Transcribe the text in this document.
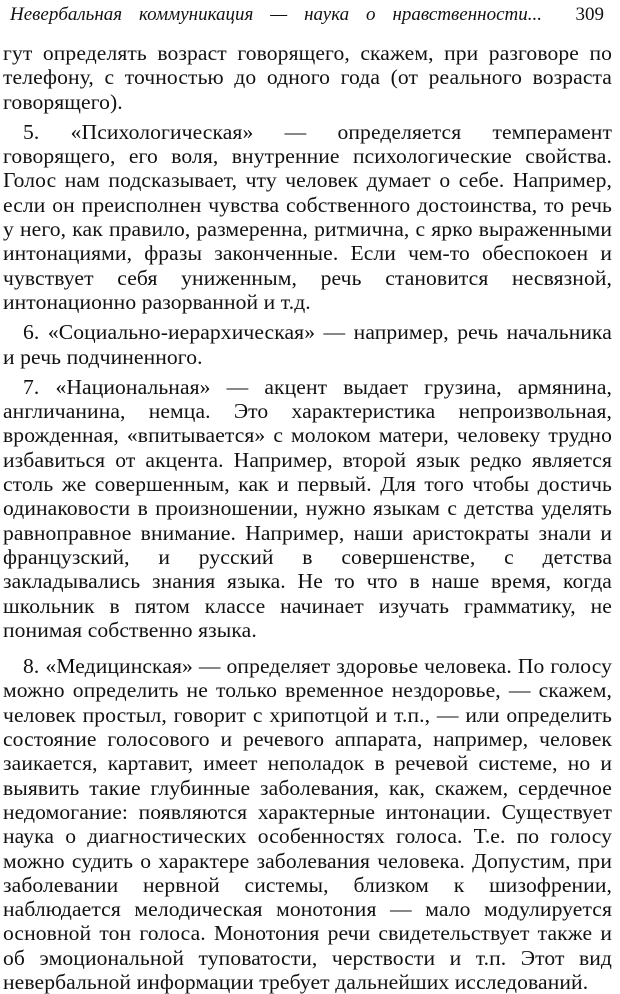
Невербальная коммуникация — наука о нравственности... 309

гут определять возраст говорящего, скажем, при разговоре по телефону, с точностью до одного года (от реального возраста говорящего).

5. «Психологическая» — определяется темперамент говорящего, его воля, внутренние психологические свойства. Голос нам подсказывает, чту человек думает о себе. Например, если он преисполнен чувства собственного достоинства, то речь у него, как правило, размеренна, ритмична, с ярко выраженными интонациями, фразы законченные. Если чем-то обеспокоен и чувствует себя униженным, речь становится несвязной, интонационно разорванной и т.д.

6. «Социально-иерархическая» — например, речь начальника и речь подчиненного.

7. «Национальная» — акцент выдает грузина, армянина, англичанина, немца. Это характеристика непроизвольная, врожденная, «впитывается» с молоком матери, человеку трудно избавиться от акцента. Например, второй язык редко является столь же совершенным, как и первый. Для того чтобы достичь одинаковости в произношении, нужно языкам с детства уделять равноправное внимание. Например, наши аристократы знали и французский, и русский в совершенстве, с детства закладывались знания языка. Не то что в наше время, когда школьник в пятом классе начинает изучать грамматику, не понимая собственно языка.

8. «Медицинская» — определяет здоровье человека. По голосу можно определить не только временное нездоровье, — скажем, человек простыл, говорит с хрипотцой и т.п., — или определить состояние голосового и речевого аппарата, например, человек заикается, картавит, имеет неполадок в речевой системе, но и выявить такие глубинные заболевания, как, скажем, сердечное недомогание: появляются характерные интонации. Существует наука о диагностических особенностях голоса. Т.е. по голосу можно судить о характере заболевания человека. Допустим, при заболевании нервной системы, близком к шизофрении, наблюдается мелодическая монотония — мало модулируется основной тон голоса. Монотония речи свидетельствует также и об эмоциональной туповатости, черствости и т.п. Этот вид невербальной информации требует дальнейших исследований.
